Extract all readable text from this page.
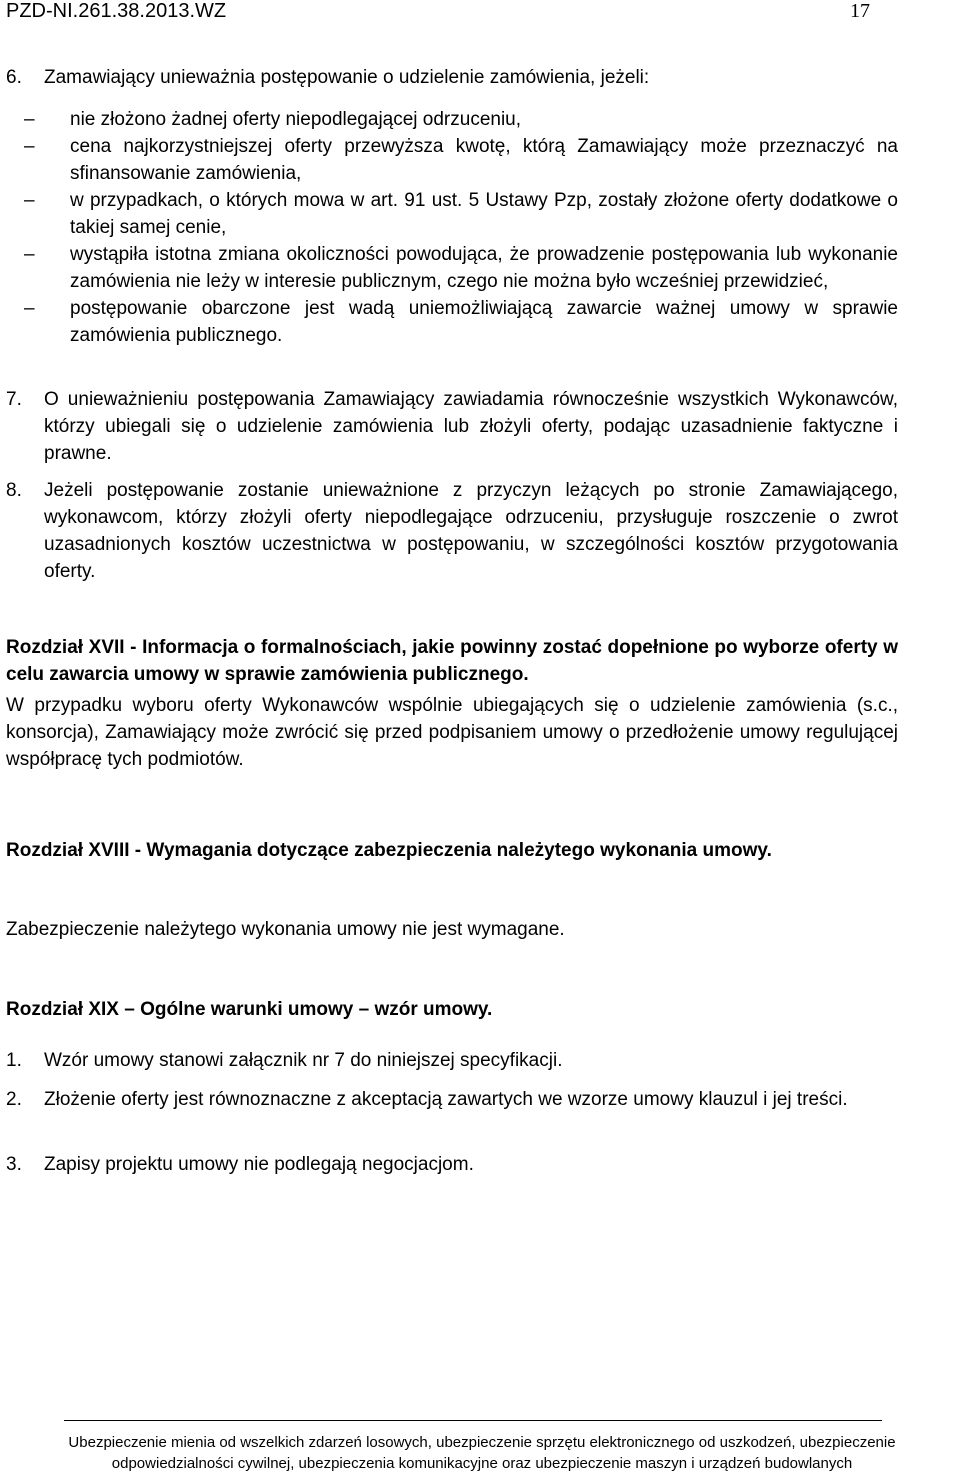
PZD-NI.261.38.2013.WZ	17
6. Zamawiający unieważnia postępowanie o udzielenie zamówienia, jeżeli:
– nie złożono żadnej oferty niepodlegającej odrzuceniu,
– cena najkorzystniejszej oferty przewyższa kwotę, którą Zamawiający może przeznaczyć na sfinansowanie zamówienia,
– w przypadkach, o których mowa w art. 91 ust. 5 Ustawy Pzp, zostały złożone oferty dodatkowe o takiej samej cenie,
– wystąpiła istotna zmiana okoliczności powodująca, że prowadzenie postępowania lub wykonanie zamówienia nie leży w interesie publicznym, czego nie można było wcześniej przewidzieć,
– postępowanie obarczone jest wadą uniemożliwiającą zawarcie ważnej umowy w sprawie zamówienia publicznego.
7. O unieważnieniu postępowania Zamawiający zawiadamia równocześnie wszystkich Wykonawców, którzy ubiegali się o udzielenie zamówienia lub złożyli oferty, podając uzasadnienie faktyczne i prawne.
8. Jeżeli postępowanie zostanie unieważnione z przyczyn leżących po stronie Zamawiającego, wykonawcom, którzy złożyli oferty niepodlegające odrzuceniu, przysługuje roszczenie o zwrot uzasadnionych kosztów uczestnictwa w postępowaniu, w szczególności kosztów przygotowania oferty.
Rozdział XVII - Informacja o formalnościach, jakie powinny zostać dopełnione po wyborze oferty w celu zawarcia umowy w sprawie zamówienia publicznego.
W przypadku wyboru oferty Wykonawców wspólnie ubiegających się o udzielenie zamówienia (s.c., konsorcja), Zamawiający może zwrócić się przed podpisaniem umowy o przedłożenie umowy regulującej współpracę tych podmiotów.
Rozdział XVIII - Wymagania dotyczące zabezpieczenia należytego wykonania umowy.
Zabezpieczenie należytego wykonania umowy nie jest wymagane.
Rozdział XIX – Ogólne warunki umowy – wzór umowy.
1. Wzór umowy stanowi załącznik nr 7 do niniejszej specyfikacji.
2. Złożenie oferty jest równoznaczne z akceptacją zawartych we wzorze umowy klauzul i jej treści.
3. Zapisy projektu umowy nie podlegają negocjacjom.
Ubezpieczenie mienia od wszelkich zdarzeń losowych, ubezpieczenie sprzętu elektronicznego od uszkodzeń, ubezpieczenie
odpowiedzialności cywilnej, ubezpieczenia komunikacyjne oraz ubezpieczenie maszyn i urządzeń budowlanych
